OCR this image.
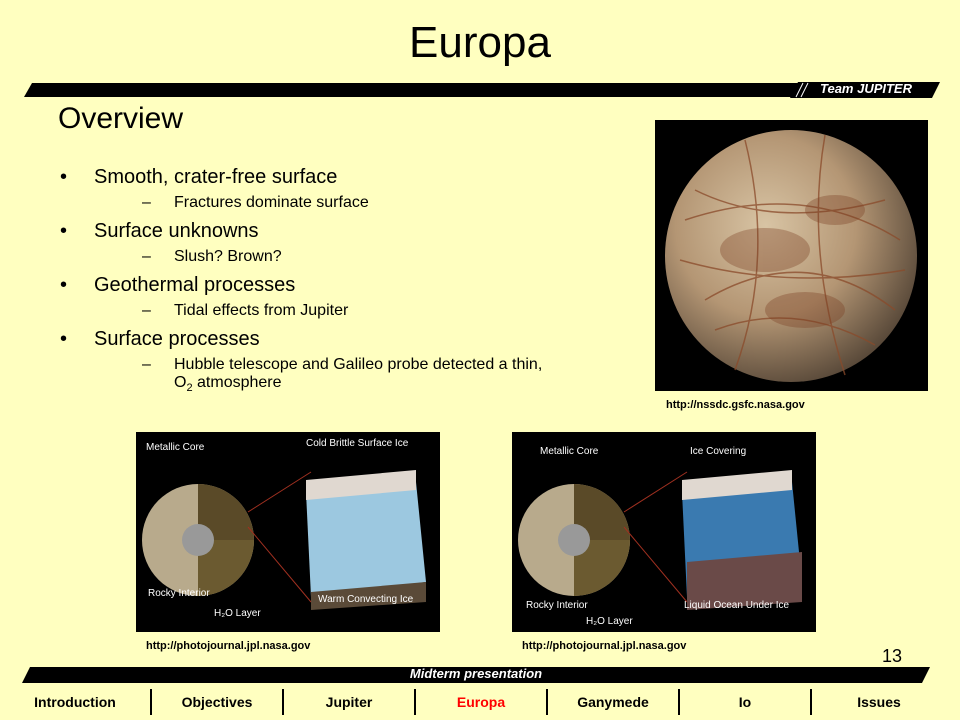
Europa
Team JUPITER
Overview
• Smooth, crater-free surface
– Fractures dominate surface
• Surface unknowns
– Slush? Brown?
• Geothermal processes
– Tidal effects from Jupiter
• Surface processes
– Hubble telescope and Galileo probe detected a thin,
$O_2$ atmosphere
http://nssdc.gsfc.nasa.gov
Metallic Core	Cold Brittle Surface Ice
Rocky Interior
H₂O Layer
Warm Convecting Ice
http://photojournal.jpl.nasa.gov
Metallic Core	Ice Covering
Rocky Interior
H₂O Layer
Liquid Ocean Under Ice
http://photojournal.jpl.nasa.gov	13
Midterm presentation
Introduction	Objectives	Jupiter	Europa	Ganymede	Io	Issues
